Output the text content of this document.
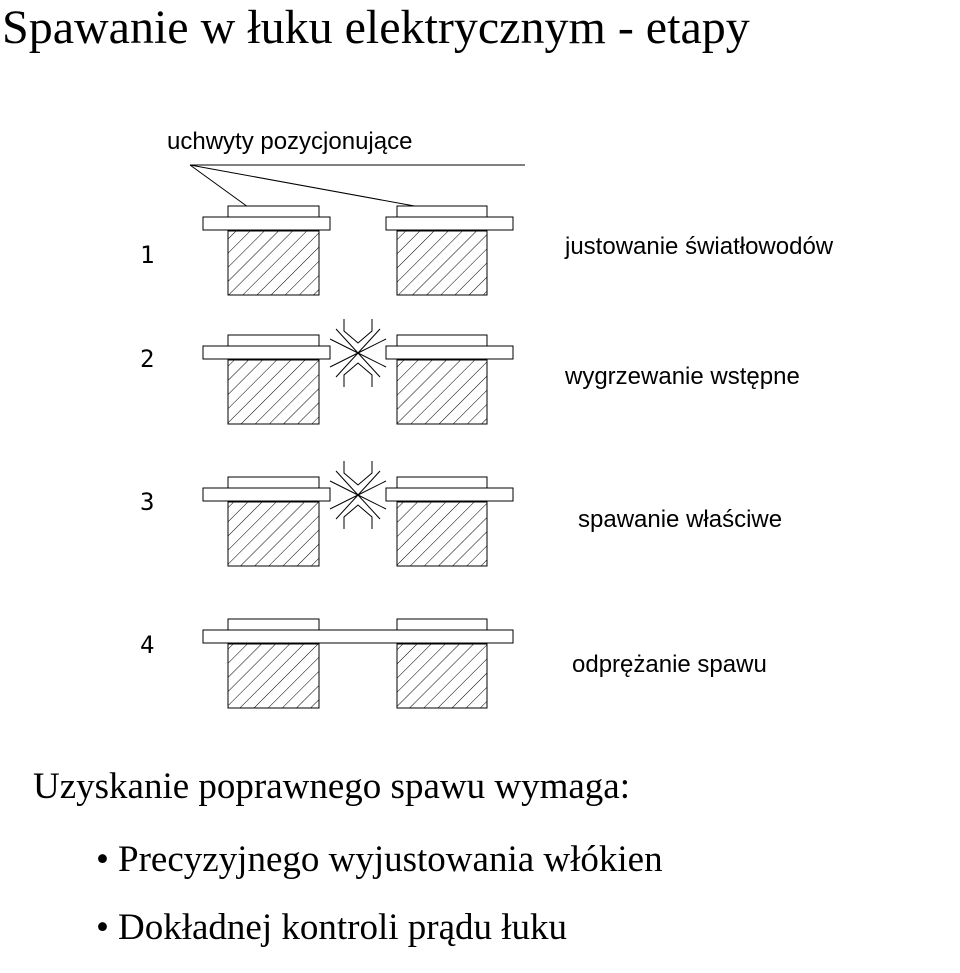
Spawanie w łuku elektrycznym - etapy
uchwyty pozycjonujące
1	justowanie światłowodów
2
wygrzewanie wstępne
3
spawanie właściwe
4
odprężanie spawu
Uzyskanie poprawnego spawu wymaga:
• Precyzyjnego wyjustowania włókien
• Dokładnej kontroli prądu łuku
